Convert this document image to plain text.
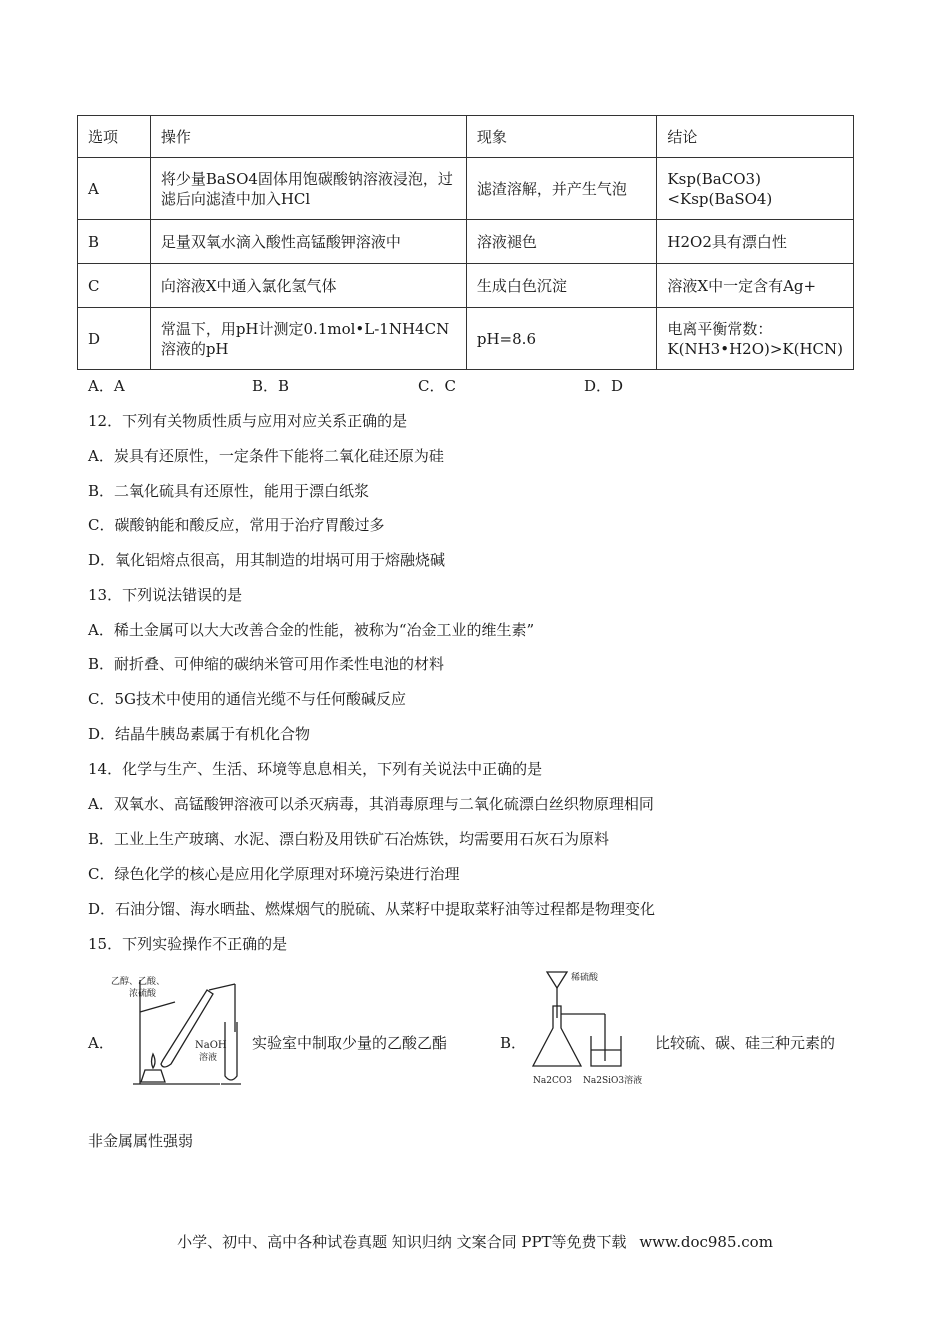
选项	操作	现象	结论
A	将少量BaSO4固体用饱碳酸钠溶液浸泡，过滤后向滤渣中加入HCl	滤渣溶解，并产生气泡	Ksp(BaCO3)<Ksp(BaSO4)
B	足量双氧水滴入酸性高锰酸钾溶液中	溶液褪色	H2O2具有漂白性
C	向溶液X中通入氯化氢气体	生成白色沉淀	溶液X中一定含有Ag+
D	常温下，用pH计测定0.1mol•L-1NH4CN溶液的pH	pH=8.6	电离平衡常数：K(NH3•H2O)>K(HCN)
A．A	B．B	C．C	D．D
12．下列有关物质性质与应用对应关系正确的是
A．炭具有还原性，一定条件下能将二氧化硅还原为硅
B．二氧化硫具有还原性，能用于漂白纸浆
C．碳酸钠能和酸反应，常用于治疗胃酸过多
D．氧化铝熔点很高，用其制造的坩埚可用于熔融烧碱
13．下列说法错误的是
A．稀土金属可以大大改善合金的性能，被称为“冶金工业的维生素”
B．耐折叠、可伸缩的碳纳米管可用作柔性电池的材料
C．5G技术中使用的通信光缆不与任何酸碱反应
D．结晶牛胰岛素属于有机化合物
14．化学与生产、生活、环境等息息相关，下列有关说法中正确的是
A．双氧水、高锰酸钾溶液可以杀灭病毒，其消毒原理与二氧化硫漂白丝织物原理相同
B．工业上生产玻璃、水泥、漂白粉及用铁矿石冶炼铁，均需要用石灰石为原料
C．绿色化学的核心是应用化学原理对环境污染进行治理
D．石油分馏、海水晒盐、燃煤烟气的脱硫、从菜籽中提取菜籽油等过程都是物理变化
15．下列实验操作不正确的是
A．
乙醇、乙酸、
浓硫酸
NaOH
溶液
实验室中制取少量的乙酸乙酯	B．
稀硫酸
Na2CO3 Na2SiO3溶液
比较硫、碳、硅三种元素的
非金属属性强弱
小学、初中、高中各种试卷真题 知识归纳 文案合同 PPT等免费下载 www.doc985.com
